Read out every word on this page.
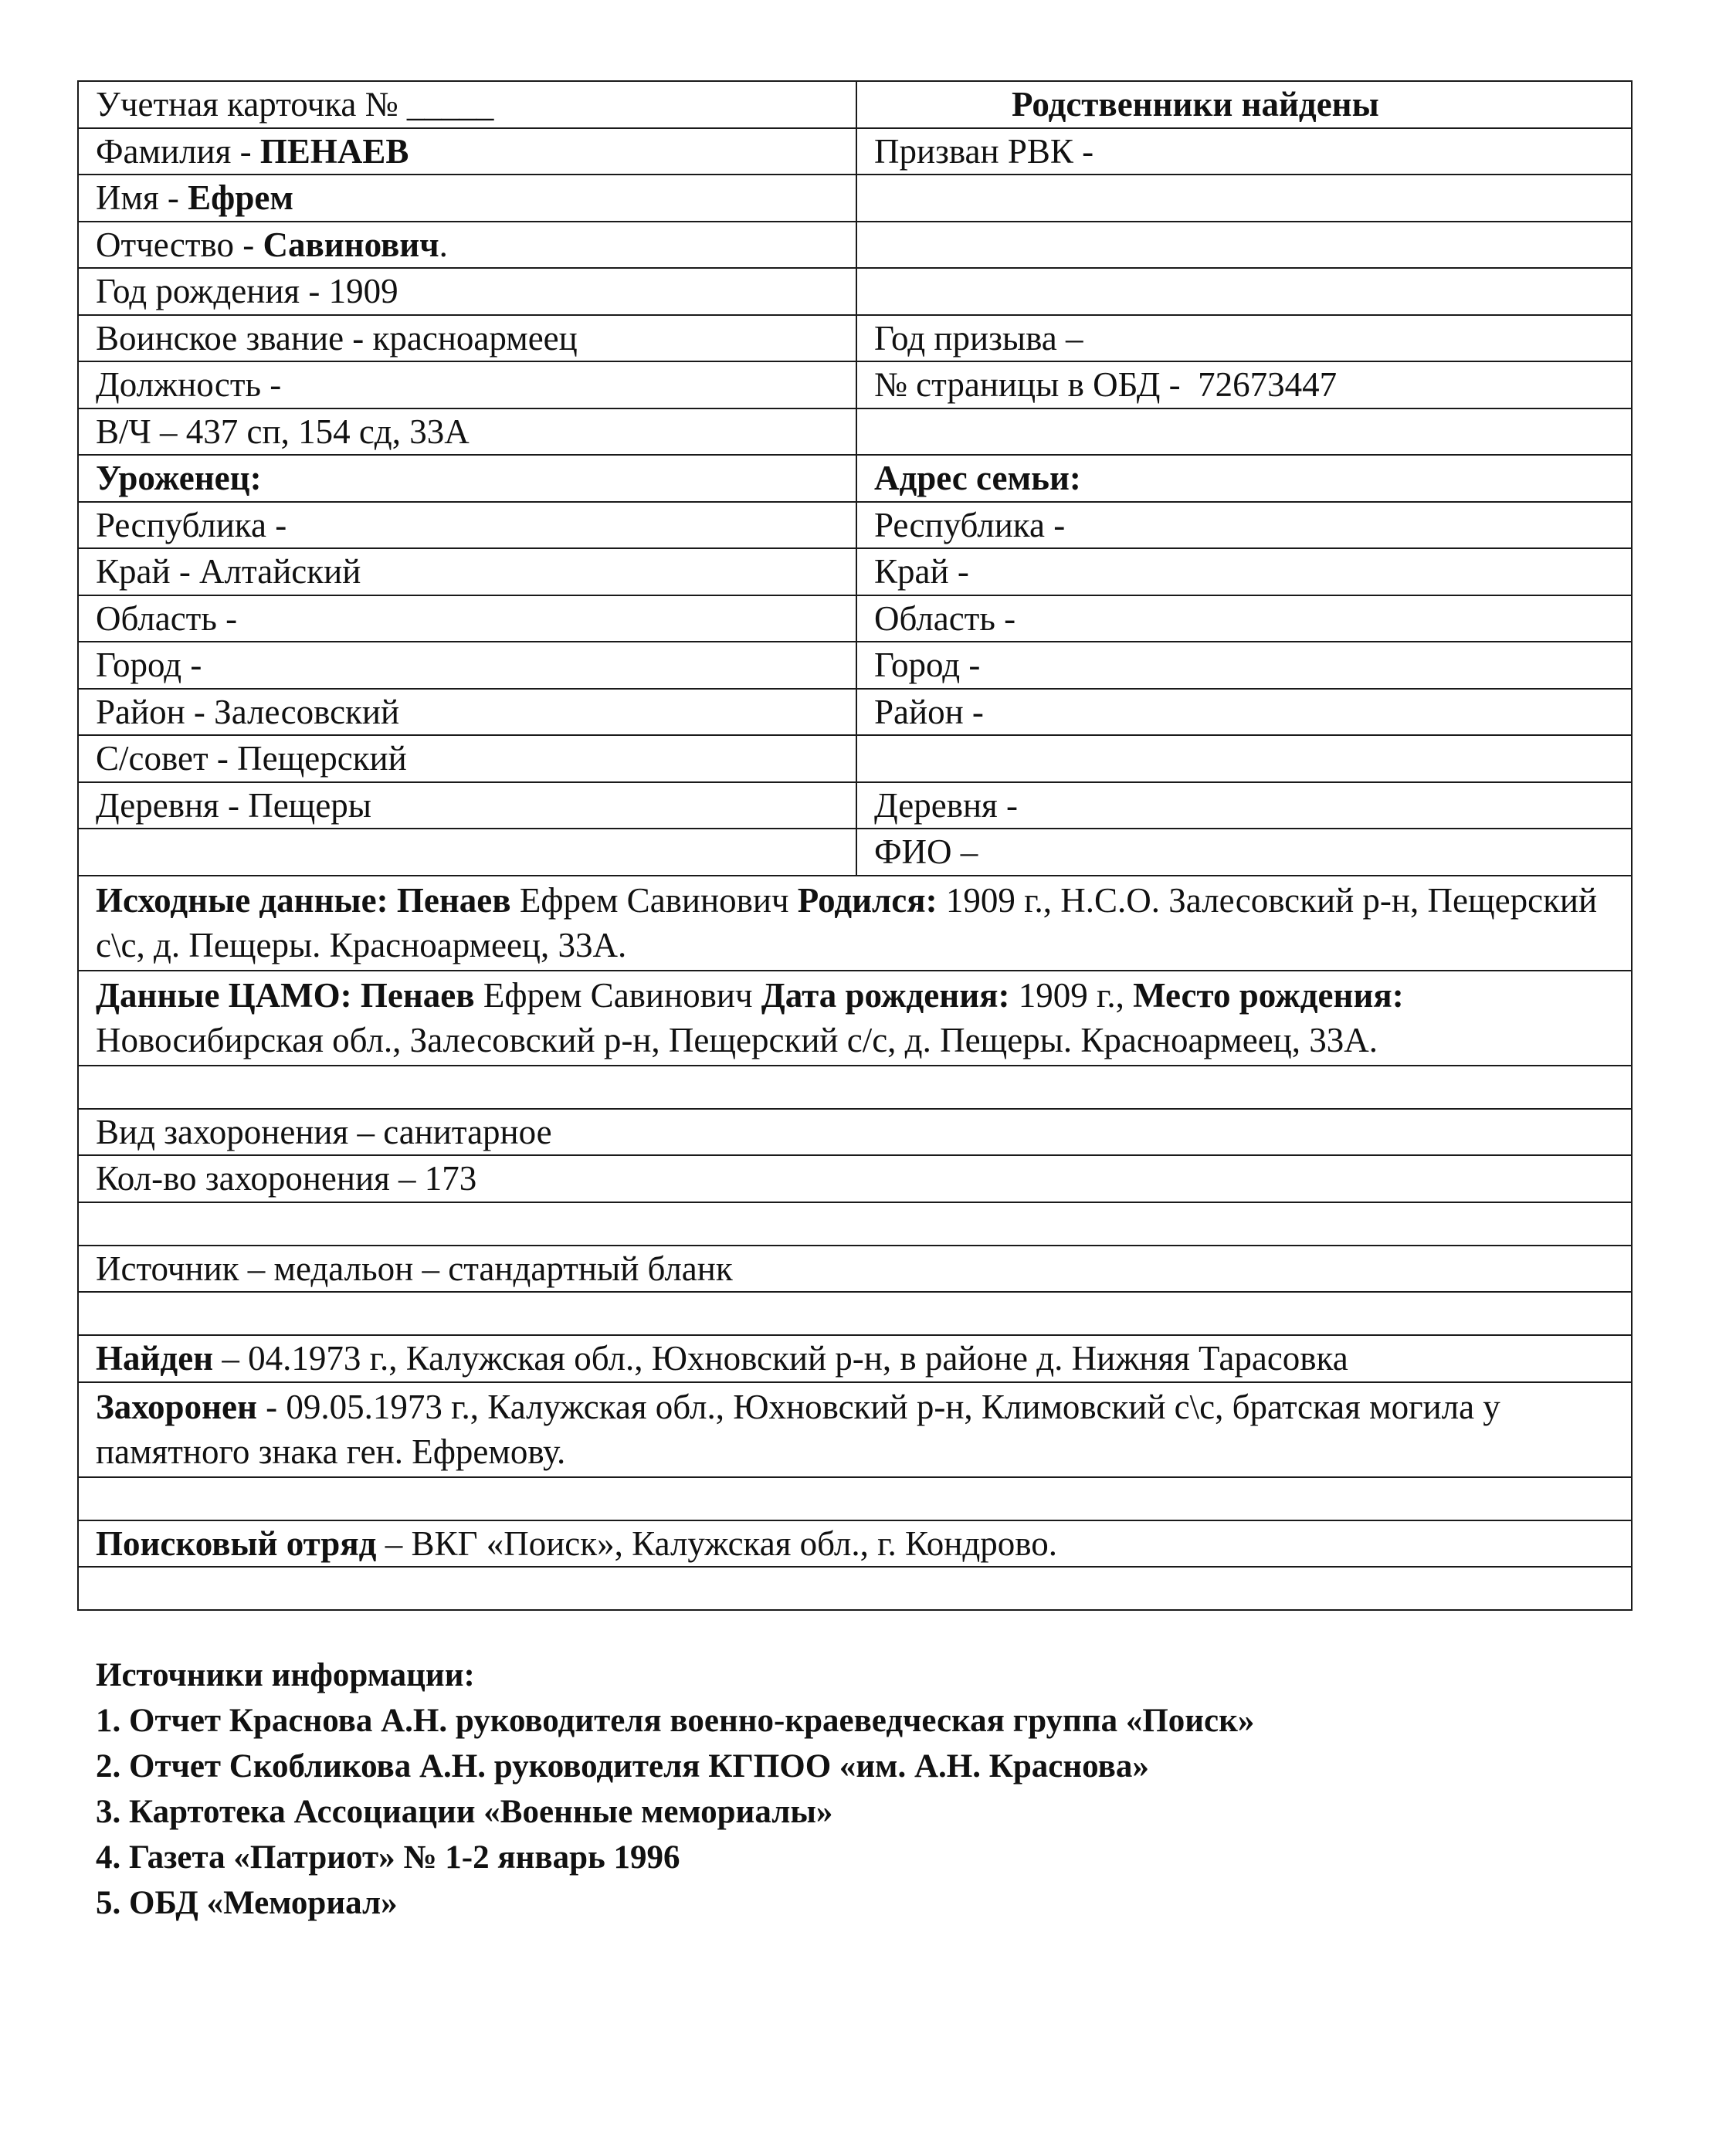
Учетная карточка № _____	Родственники найдены
Фамилия - ПЕНАЕВ	Призван РВК -
Имя - Ефрем	
Отчество - Савинович.	
Год рождения - 1909	
Воинское звание - красноармеец	Год призыва –
Должность -	№ страницы в ОБД - 72673447
В/Ч – 437 сп, 154 сд, 33А	
Уроженец:	Адрес семьи:
Республика -	Республика -
Край - Алтайский	Край -
Область -	Область -
Город -	Город -
Район - Залесовский	Район -
С/совет - Пещерский	
Деревня - Пещеры	Деревня -
	ФИО –
Исходные данные: Пенаев Ефрем Савинович Родился: 1909 г., Н.С.О. Залесовский р-н, Пещерский с\с, д. Пещеры. Красноармеец, 33А.	
Данные ЦАМО: Пенаев Ефрем Савинович Дата рождения: 1909 г., Место рождения: Новосибирская обл., Залесовский р-н, Пещерский с/с, д. Пещеры. Красноармеец, 33А.	

Вид захоронения – санитарное	
Кол-во захоронения – 173	

Источник – медальон – стандартный бланк	

Найден – 04.1973 г., Калужская обл., Юхновский р-н, в районе д. Нижняя Тарасовка	
Захоронен - 09.05.1973 г., Калужская обл., Юхновский р-н, Климовский с\с, братская могила у памятного знака ген. Ефремову.	

Поисковый отряд – ВКГ «Поиск», Калужская обл., г. Кондрово.	

Источники информации:
1. Отчет Краснова А.Н. руководителя военно-краеведческая группа «Поиск»
2. Отчет Скобликова А.Н. руководителя КГПОО «им. А.Н. Краснова»
3. Картотека Ассоциации «Военные мемориалы»
4. Газета «Патриот» № 1-2 январь 1996
5. ОБД «Мемориал»
